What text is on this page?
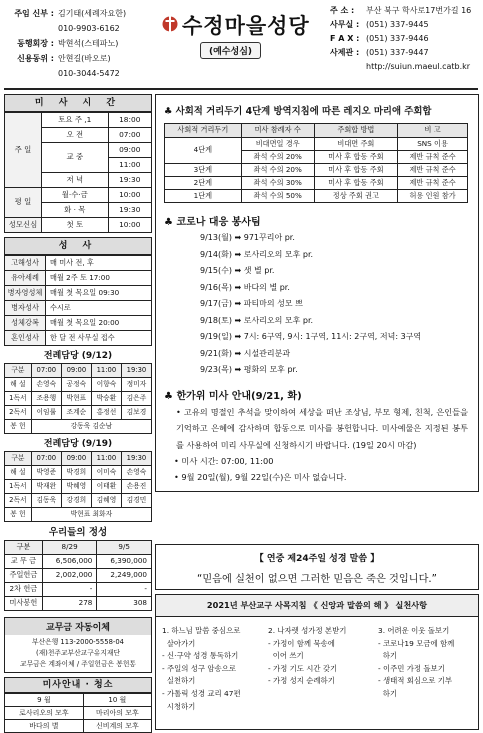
주임 신부 : 김기태(세례자요한)
010-9903-6162
동행회장 : 박현석(스테파노)
신용동위 : 안현길(바오로)
010-3044-5472
수정마을성당
(예수성심)
주 소 :	부산 북구 학사로17번가길 16
사무실 : (051) 337-9445
F A X : (051) 337-9446
사제관 : (051) 337-9447
http://suiun.maeul.catb.kr
미 사 시 간
주 일	토요 주 ,1	18:00
	오 전	07:00
	교 중	09:00
		11:00
	저 녁	19:30
평 일	월·수·금	10:00
	화 · 목	19:30
성모신심	첫 토	10:00
성 사
고해성사	매 미사 전, 후
유아세례	매월 2주 토 17:00
병자영성체	매월 첫 목요일 09:30
병자성사	수시로
성체강복	매월 첫 목요일 20:00
혼인성사	한 달 전 사무실 접수
전례담당 (9/12)
구분	07:00	09:00	11:00	19:30
해 설	손영숙	공정숙	이향숙	정미자
1독서	조용행	박현표	박승환	김은주
2독서	이임률	조계순	홍정선	김보경
봉 헌	강동욱 김순남			
전례담당 (9/19)
구분	07:00	09:00	11:00	19:30
해 설	박영준	박경희	이미숙	손영숙
1독서	박재완	박혜영	이태환	손용진
2독서	김동욱	강경희	김혜영	김경민
봉 헌	박현표 최화자			
우리들의 정성
구분	8/29	9/5
교 무 금	6,506,000	6,390,000
주일헌금	2,002,000	2,249,000
2차 헌금	-	-
미사봉헌	278	308
교무금 자동이체
부산은행 113-2000-5558-04
(재)천주교부산교구유지재단
교무금은 계좌이체 / 주일헌금은 봉헌통
미사안내 · 청소
9 월	10 월
로사리오의 모후	마리아의 모후
바다의 별	신비계의 모후
♣ 사회적 거리두기 4단계 방역지침에 따른 레지오 마리애 주회합
사회적 거리두기	미사 참례자 수	주회합 방법	비 고
4단계	비대면일 경우	비대면 주회	SNS 이용
	좌석 수의 20%	미사 후 합동 주회	제반 규칙 준수
3단계	좌석 수의 20%	미사 후 합동 주회	제반 규칙 준수
2단계	좌석 수의 30%	미사 후 합동 주회	제반 규칙 준수
1단계	좌석 수의 50%	정상 주회 권고	허용 인원 참가
♣ 코로나 대응 봉사팀
9/13(월) ➡ 971꾸리아 pr.
9/14(화) ➡ 로사리오의 모후 pr.
9/15(수) ➡ 샛 별 pr.
9/16(목) ➡ 바다의 별 pr.
9/17(금) ➡ 파티마의 성모 쁘
9/18(토) ➡ 로사리오의 모후 pr.
9/19(일) ➡ 7시: 6구역, 9시: 1구역, 11시: 2구역, 저녁: 3구역
9/21(화) ➡ 시설관리분과
9/23(목) ➡ 평화의 모후 pr.
♣ 한가위 미사 안내(9/21, 화)
• 고유의 명절인 추석을 맞이하여 세상을 떠난 조상님, 부모 형제, 친척, 은인들을 기억하고 은혜에 감사하며 합동으로 미사를 봉헌합니다. 미사예물은 지정된 봉투를 사용하여 미리 사무실에 신청하시기 바랍니다. (19일 20시 마감)
• 미사 시간: 07:00, 11:00
• 9월 20일(월), 9월 22일(수)은 미사 없습니다.
【 연중 제24주일 성경 말씀 】
“믿음에 실천이 없으면 그러한 믿음은 죽은 것입니다.”
2021년 부산교구 사목지침 《 신앙과 말씀의 해 》 실천사항
1. 하느님 말씀 중심으로
살아가기
- 신·구약 성경 통독하기
- 주일의 성구 암송으로
실천하기
- 가톨릭 성경 교리 47편
시청하기
2. 나자렛 성가정 본받기
- 가정이 함께 묵송에
이어 쓰기
- 가정 기도 시간 갖기
- 가정 성지 순례하기
3. 어려운 이웃 돌보기
- 코로나19 모금에 함께
하기
- 이주민 가정 돌보기
- 생태적 회심으로 기부
하기
